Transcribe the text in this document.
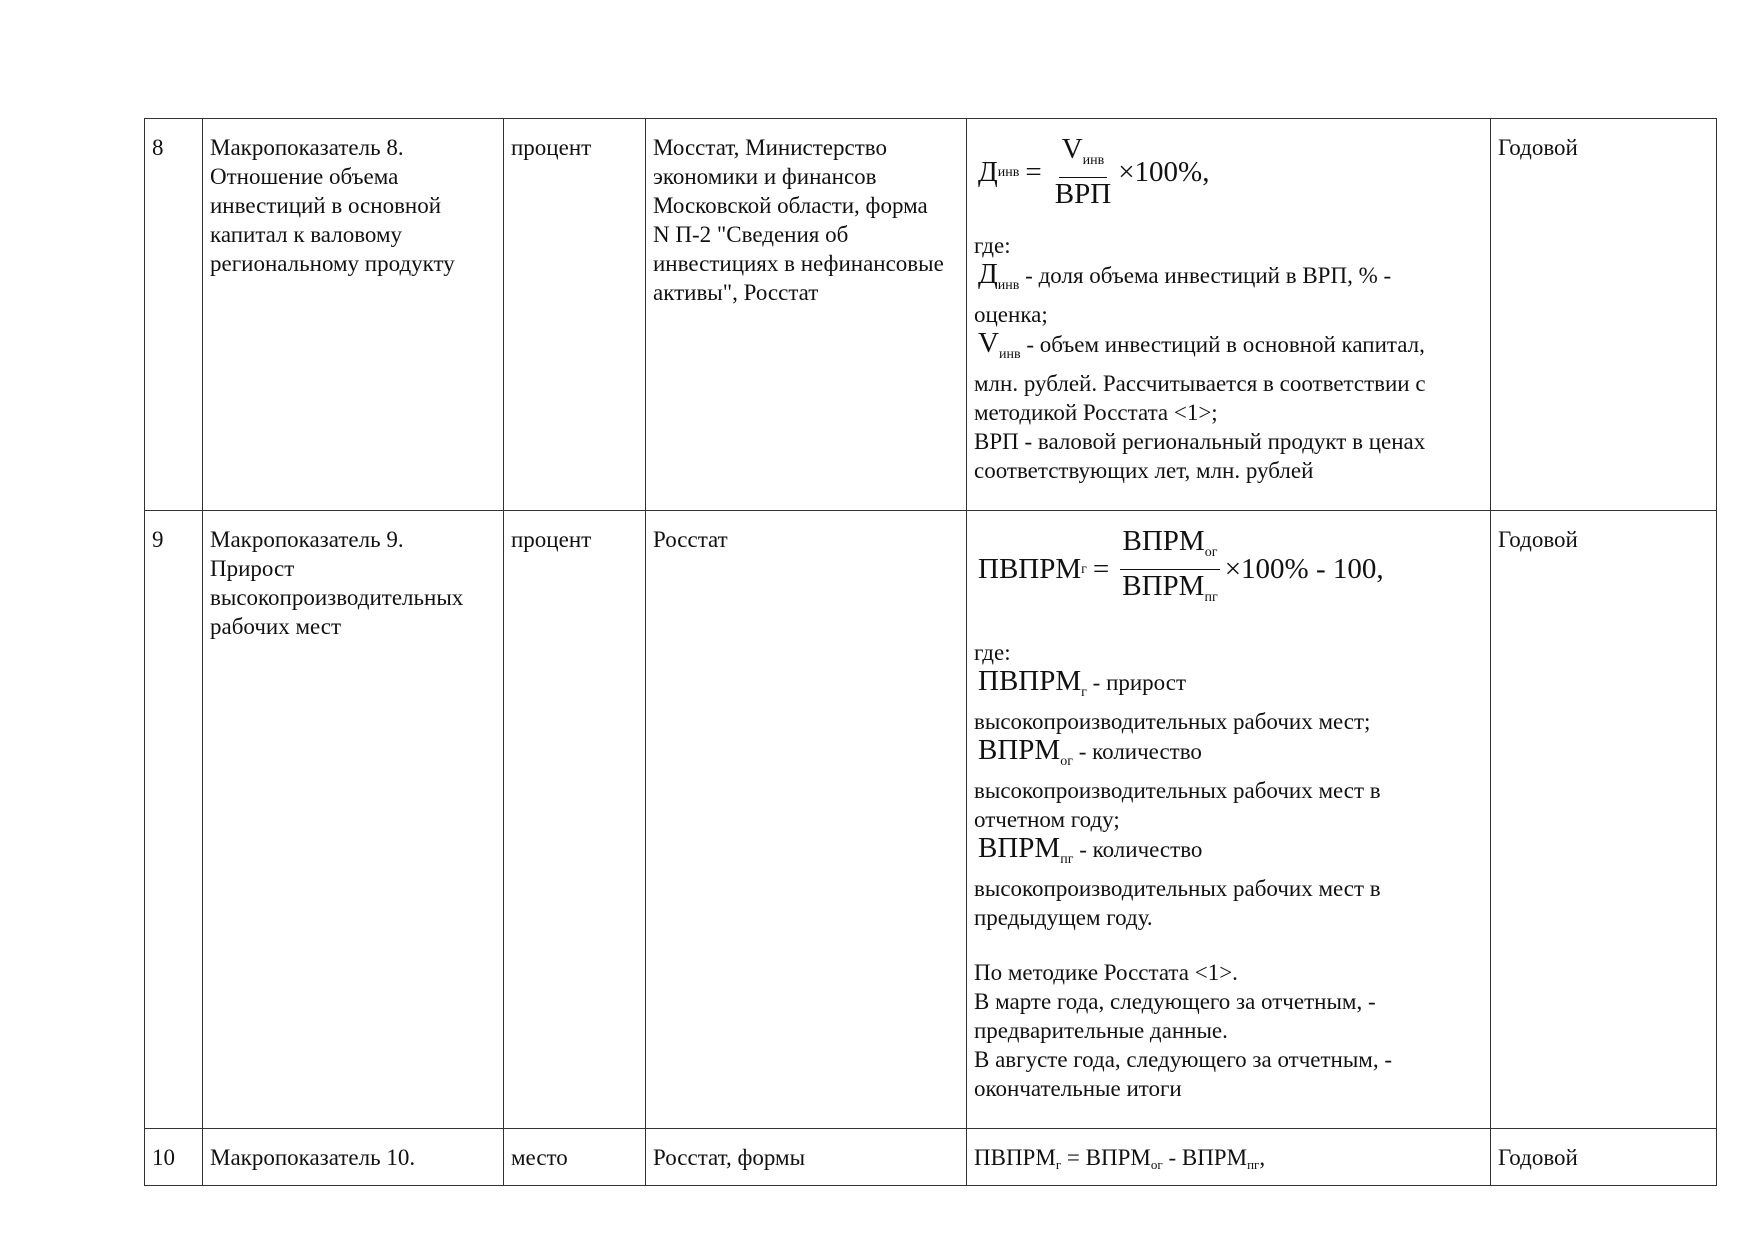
8	Макропоказатель 8.
Отношение объема
инвестиций в основной
капитал к валовому
региональному продукту
	процент	Мосстат, Министерство
экономики и финансов
Московской области, форма
N П-2 "Сведения об
инвестициях в нефинансовые
активы", Росстат

Д инв = $\frac{V_{инв}}{\text{ВРП}} \times 100\%$,
где:
$Д_{инв}$ - доля объема инвестиций в ВРП, % -
оценка;
$V_{инв}$ - объем инвестиций в основной капитал,
млн. рублей. Рассчитывается в соответствии с
методикой Росстата <1>;
ВРП - валовой региональный продукт в ценах
соответствующих лет, млн. рублей
	Годовой
9	Макропоказатель 9.
Прирост
высокопроизводительных
рабочих мест
	процент	Росстат

ПВПРМ $г = \frac{ВПРМ_{ог}}{ВПРМ_{пг}} \times 100\% - 100$,
где:
$ПВПРМ_г$ - прирост
высокопроизводительных рабочих мест;
$ВПРМ_{ог}$ - количество
высокопроизводительных рабочих мест в
отчетном году;
$ВПРМ_{пг}$ - количество
высокопроизводительных рабочих мест в
предыдущем году.
По методике Росстата <1>.
В марте года, следующего за отчетным, -
предварительные данные.
В августе года, следующего за отчетным, -
окончательные итоги
	Годовой
10	Макропоказатель 10.	место	Росстат, формы	$ПВПРМ_г$ = $ВПРМ_{ог}$ - $ВПРМ_{пг}$,	Годовой
